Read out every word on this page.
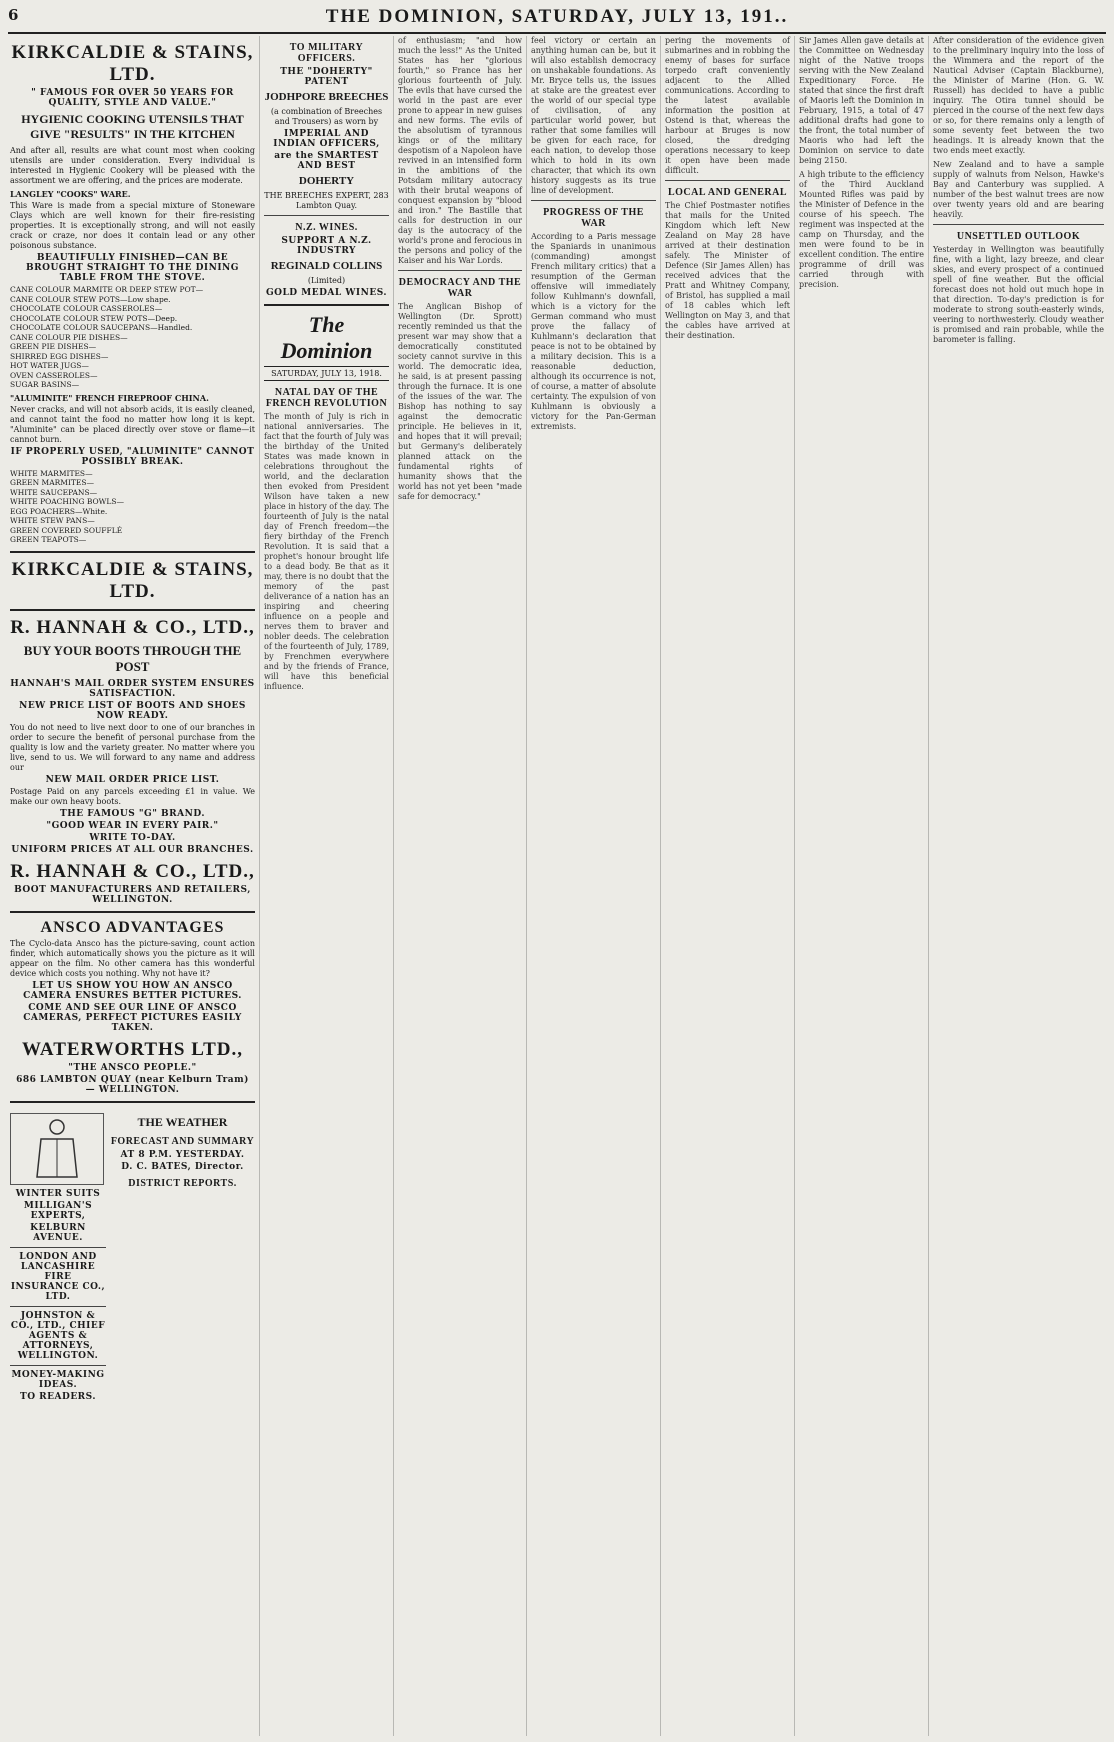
6	THE DOMINION, SATURDAY, JULY 13, 191..
KIRKCALDIE & STAINS, LTD.
" FAMOUS FOR OVER 50 YEARS FOR QUALITY, STYLE AND VALUE."
HYGIENIC COOKING UTENSILS THAT GIVE "RESULTS" IN THE KITCHEN
And after all, results are what count most when cooking utensils are under consideration. Every individual is interested in Hygienic Cookery will be pleased with the assortment we are offering, and the prices are moderate.
LANGLEY "COOKS" WARE.
This Ware is made from a special mixture of Stoneware Clays which are well known for their fire-resisting properties. It is exceptionally strong, and will not easily crack or craze, nor does it contain lead or any other poisonous substance.
BEAUTIFULLY FINISHED—CAN BE BROUGHT STRAIGHT TO THE DINING TABLE FROM THE STOVE.
CANE COLOUR MARMITE OR DEEP STEW POT—
CANE COLOUR STEW POTS—Low shape.
CHOCOLATE COLOUR CASSEROLES—
CHOCOLATE COLOUR STEW POTS—Deep.
CHOCOLATE COLOUR SAUCEPANS—Handled.
CANE COLOUR PIE DISHES—
GREEN PIE DISHES—
SHIRRED EGG DISHES—
HOT WATER JUGS—
OVEN CASSEROLES—
SUGAR BASINS—
"ALUMINITE" FRENCH FIREPROOF CHINA.
Never cracks, and will not absorb acids, it is easily cleaned, and cannot taint the food no matter how long it is kept. "Aluminite" can be placed directly over stove or flame—it cannot burn.
IF PROPERLY USED, "ALUMINITE" CANNOT POSSIBLY BREAK.
WHITE MARMITES—
GREEN MARMITES—
WHITE SAUCEPANS—
WHITE POACHING BOWLS—
EGG POACHERS—White.
WHITE STEW PANS—
GREEN COVERED SOUFFLÉ
GREEN TEAPOTS—
KIRKCALDIE & STAINS, LTD.
R. HANNAH & CO., LTD.,
BUY YOUR BOOTS THROUGH THE POST
HANNAH'S MAIL ORDER SYSTEM ENSURES SATISFACTION.
NEW PRICE LIST OF BOOTS AND SHOES NOW READY.
You do not need to live next door to one of our branches in order to secure the benefit of personal purchase from the quality is low and the variety greater. No matter where you live, send to us. We will forward to any name and address our
NEW MAIL ORDER PRICE LIST.
Postage Paid on any parcels exceeding £1 in value. We make our own heavy boots.
THE FAMOUS "G" BRAND.
"GOOD WEAR IN EVERY PAIR."
WRITE TO-DAY.
UNIFORM PRICES AT ALL OUR BRANCHES.
R. HANNAH & CO., LTD.,
BOOT MANUFACTURERS AND RETAILERS, WELLINGTON.
ANSCO ADVANTAGES
The Cyclo-data Ansco has the picture-saving, count action finder, which automatically shows you the picture as it will appear on the film. No other camera has this wonderful device which costs you nothing. Why not have it?
LET US SHOW YOU HOW AN ANSCO CAMERA ENSURES BETTER PICTURES.
COME AND SEE OUR LINE OF ANSCO CAMERAS, PERFECT PICTURES EASILY TAKEN.
WATERWORTHS LTD.,
"THE ANSCO PEOPLE."
686 LAMBTON QUAY (near Kelburn Tram) — WELLINGTON.
WINTER SUITS
MILLIGAN'S EXPERTS,
KELBURN AVENUE.
LONDON AND LANCASHIRE FIRE INSURANCE CO., LTD.
JOHNSTON & CO., LTD., CHIEF AGENTS & ATTORNEYS, WELLINGTON.
MONEY-MAKING IDEAS.
TO READERS.
THE WEATHER
FORECAST AND SUMMARY
AT 8 P.M. YESTERDAY.
D. C. BATES, Director.
DISTRICT REPORTS.
TO MILITARY OFFICERS.
THE "DOHERTY" PATENT
JODHPORE BREECHES
(a combination of Breeches and Trousers) as worn by
IMPERIAL AND INDIAN OFFICERS,
are the SMARTEST AND BEST
DOHERTY
THE BREECHES EXPERT, 283 Lambton Quay.
N.Z. WINES.
SUPPORT A N.Z. INDUSTRY
REGINALD COLLINS
(Limited)
GOLD MEDAL WINES.
The Dominion
SATURDAY, JULY 13, 1918.
NATAL DAY OF THE FRENCH REVOLUTION
The month of July is rich in national anniversaries. The fact that the fourth of July was the birthday of the United States was made known in celebrations throughout the world, and the declaration then evoked from President Wilson have taken a new place in history of the day. The fourteenth of July is the natal day of French freedom—the fiery birthday of the French Revolution. It is said that a prophet's honour brought life to a dead body. Be that as it may, there is no doubt that the memory of the past deliverance of a nation has an inspiring and cheering influence on a people and nerves them to braver and nobler deeds. The celebration of the fourteenth of July, 1789, by Frenchmen everywhere and by the friends of France, will have this beneficial influence.
of enthusiasm; "and how much the less!" As the United States has her "glorious fourth," so France has her glorious fourteenth of July. The evils that have cursed the world in the past are ever prone to appear in new guises and new forms. The evils of the absolutism of tyrannous kings or of the military despotism of a Napoleon have revived in an intensified form in the ambitions of the Potsdam military autocracy with their brutal weapons of conquest expansion by "blood and iron." The Bastille that calls for destruction in our day is the autocracy of the world's prone and ferocious in the persons and policy of the Kaiser and his War Lords.
DEMOCRACY AND THE WAR
The Anglican Bishop of Wellington (Dr. Sprott) recently reminded us that the present war may show that a democratically constituted society cannot survive in this world. The democratic idea, he said, is at present passing through the furnace. It is one of the issues of the war. The Bishop has nothing to say against the democratic principle. He believes in it, and hopes that it will prevail; but Germany's deliberately planned attack on the fundamental rights of humanity shows that the world has not yet been "made safe for democracy."
feel victory or certain an anything human can be, but it will also establish democracy on unshakable foundations. As Mr. Bryce tells us, the issues at stake are the greatest ever the world of our special type of civilisation, of any particular world power, but rather that some families will be given for each race, for each nation, to develop those which to hold in its own character, that which its own history suggests as its true line of development.
PROGRESS OF THE WAR
According to a Paris message the Spaniards in unanimous (commanding) amongst French military critics) that a resumption of the German offensive will immediately follow Kuhlmann's downfall, which is a victory for the German command who must prove the fallacy of Kuhlmann's declaration that peace is not to be obtained by a military decision. This is a reasonable deduction, although its occurrence is not, of course, a matter of absolute certainty. The expulsion of von Kuhlmann is obviously a victory for the Pan-German extremists.
pering the movements of submarines and in robbing the enemy of bases for surface torpedo craft conveniently adjacent to the Allied communications. According to the latest available information the position at Ostend is that, whereas the harbour at Bruges is now closed, the dredging operations necessary to keep it open have been made difficult.
LOCAL AND GENERAL
The Chief Postmaster notifies that mails for the United Kingdom which left New Zealand on May 28 have arrived at their destination safely. The Minister of Defence (Sir James Allen) has received advices that the Pratt and Whitney Company, of Bristol, has supplied a mail of 18 cables which left Wellington on May 3, and that the cables have arrived at their destination.
Sir James Allen gave details at the Committee on Wednesday night of the Native troops serving with the New Zealand Expeditionary Force. He stated that since the first draft of Maoris left the Dominion in February, 1915, a total of 47 additional drafts had gone to the front, the total number of Maoris who had left the Dominion on service to date being 2150.
A high tribute to the efficiency of the Third Auckland Mounted Rifles was paid by the Minister of Defence in the course of his speech. The regiment was inspected at the camp on Thursday, and the men were found to be in excellent condition. The entire programme of drill was carried through with precision.
After consideration of the evidence given to the preliminary inquiry into the loss of the Wimmera and the report of the Nautical Adviser (Captain Blackburne), the Minister of Marine (Hon. G. W. Russell) has decided to have a public inquiry. The Otira tunnel should be pierced in the course of the next few days or so, for there remains only a length of some seventy feet between the two headings. It is already known that the two ends meet exactly.
New Zealand and to have a sample supply of walnuts from Nelson, Hawke's Bay and Canterbury was supplied. A number of the best walnut trees are now over twenty years old and are bearing heavily.
UNSETTLED OUTLOOK
Yesterday in Wellington was beautifully fine, with a light, lazy breeze, and clear skies, and every prospect of a continued spell of fine weather. But the official forecast does not hold out much hope in that direction. To-day's prediction is for moderate to strong south-easterly winds, veering to northwesterly. Cloudy weather is promised and rain probable, while the barometer is falling.
